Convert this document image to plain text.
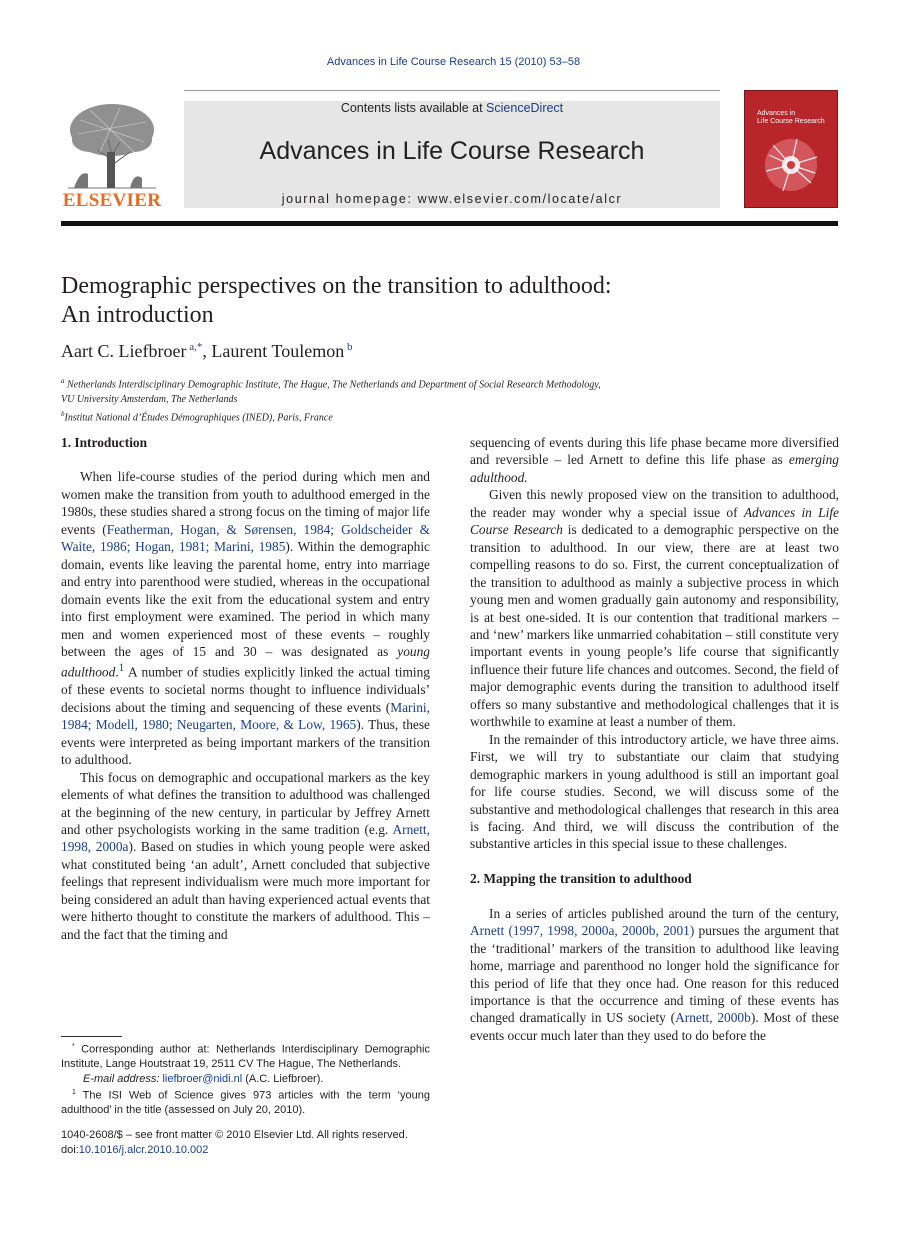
Advances in Life Course Research 15 (2010) 53–58
ELSEVIER
Contents lists available at ScienceDirect
Advances in Life Course Research
journal homepage: www.elsevier.com/locate/alcr
Advances in
Life Course Research
Demographic perspectives on the transition to adulthood:
An introduction
Aart C. Liefbroer $^{a,*}$, Laurent Toulemon $^b$
$^a$ Netherlands Interdisciplinary Demographic Institute, The Hague, The Netherlands and Department of Social Research Methodology,
VU University Amsterdam, The Netherlands
$^b$Institut National d’Études Démographiques (INED), Paris, France
1. Introduction

When life-course studies of the period during which men and women make the transition from youth to adulthood emerged in the 1980s, these studies shared a strong focus on the timing of major life events (Featherman, Hogan, & Sørensen, 1984; Goldscheider & Waite, 1986; Hogan, 1981; Marini, 1985). Within the demographic domain, events like leaving the parental home, entry into marriage and entry into parenthood were studied, whereas in the occupational domain events like the exit from the educational system and entry into first employment were examined. The period in which many men and women experienced most of these events – roughly between the ages of 15 and 30 – was designated as young adulthood.$^1$ A number of studies explicitly linked the actual timing of these events to societal norms thought to influence individuals’ decisions about the timing and sequencing of these events (Marini, 1984; Modell, 1980; Neugarten, Moore, & Low, 1965). Thus, these events were interpreted as being important markers of the transition to adulthood.

This focus on demographic and occupational markers as the key elements of what defines the transition to adulthood was challenged at the beginning of the new century, in particular by Jeffrey Arnett and other psychologists working in the same tradition (e.g. Arnett, 1998, 2000a). Based on studies in which young people were asked what constituted being ‘an adult’, Arnett concluded that subjective feelings that represent individualism were much more important for being considered an adult than having experienced actual events that were hitherto thought to constitute the markers of adulthood. This – and the fact that the timing and

sequencing of events during this life phase became more diversified and reversible – led Arnett to define this life phase as emerging adulthood.

Given this newly proposed view on the transition to adulthood, the reader may wonder why a special issue of Advances in Life Course Research is dedicated to a demographic perspective on the transition to adulthood. In our view, there are at least two compelling reasons to do so. First, the current conceptualization of the transition to adulthood as mainly a subjective process in which young men and women gradually gain autonomy and responsibility, is at best one-sided. It is our contention that traditional markers – and ‘new’ markers like unmarried cohabitation – still constitute very important events in young people’s life course that significantly influence their future life chances and outcomes. Second, the field of major demographic events during the transition to adulthood itself offers so many substantive and methodological challenges that it is worthwhile to examine at least a number of them.

In the remainder of this introductory article, we have three aims. First, we will try to substantiate our claim that studying demographic markers in young adulthood is still an important goal for life course studies. Second, we will discuss some of the substantive and methodological challenges that research in this area is facing. And third, we will discuss the contribution of the substantive articles in this special issue to these challenges.

2. Mapping the transition to adulthood

In a series of articles published around the turn of the century, Arnett (1997, 1998, 2000a, 2000b, 2001) pursues the argument that the ‘traditional’ markers of the transition to adulthood like leaving home, marriage and parenthood no longer hold the significance for this period of life that they once had. One reason for this reduced importance is that the occurrence and timing of these events has changed dramatically in US society (Arnett, 2000b). Most of these events occur much later than they used to do before the

* Corresponding author at: Netherlands Interdisciplinary Demographic Institute, Lange Houtstraat 19, 2511 CV The Hague, The Netherlands.

E-mail address: liefbroer@nidi.nl (A.C. Liefbroer).

$^1$ The ISI Web of Science gives 973 articles with the term ‘young adulthood’ in the title (assessed on July 20, 2010).

1040-2608/$ – see front matter © 2010 Elsevier Ltd. All rights reserved.
doi:10.1016/j.alcr.2010.10.002
